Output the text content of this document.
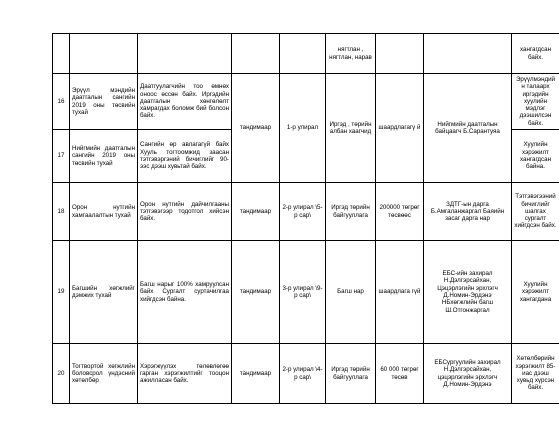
					нягтлан , нягтлан, нарав			хангагдсан байх.
16	Эрүүл мэндийн даатгалын сангийн 2019 оны төсвийн тухай	Даатгуулагчийн тоо өмнөх оноос өссөн байх. Иргэдийн даатгалын хөнгөлөлт хамрагдах боломж бий болсон байх.	тандимаар	1-р улирал	Иргэд , төрийн албан хаагчид	шаардлагагү й	Нийгмийн даатгалын байцаагч Б.Сарантуяа	Эрүүлмэндий н талаарх иргэдийн хуулийн мэдлэг дээшилсэн байх.
17	Нийгмийн даатгалын сангийн 2019 оны төсвийн тухай	Сангийн өр авлагагүй байх Хууль тогтоомжид заасан тэтгэвэргэний бичиглийг 90-ээс дээш хувьтай байх.						Хуулийн хэрэжилт хангагдсан байна.
18	Орон нутгийн хамгаалалтын тухай	Орон нутгийн дайчилгааны тэтгэвэгээр тодотгол хийсэн байх.	тандимаар	2-р улирал \5-р сар\	Иргэд төрийн байгууллага	200000 төгрөг төсвөөс	ЗДТГ-ын дарга Б.Амгаланжаргал Баяийн засаг дарга нар	Тэтгэвэгээний бичиглийг шалгах сургалт хийгдсэн байх.
19	Багшийн хөгжлийг дэмжих тухай	Багш нарыг 100% хамруулсан байх Сургалт суртачилгаа хийгдсэн байна.	тандимаар	3-р улирал \9-р сар\	Багш нар	шаардлага гүй	ЕБС-ийн захирал Н.Дэлгэрсайхан, Цэцэрлэгийн эрхлэгч Д.Номин-Эрдэнэ НБхөгжлийн багш Ш.Отгонжаргал	Хуулийн хэрэжилт хангагдана
20	Тогтвортой хөгжлийн боловсрол үндэсний хөтөлбөр	Хэрэгжүүлэх төлөвлөгөө гарган хэрэгжилтийг тооцон ажилласан байх.	тандимаар	2-р улирал \4-р сар\	Иргэд төрийн байгууллага	60 000 төгрөг төсөв	ЕБСургуулийн захирал Н.Дэлгэрсайхан, цэцэрлэгийн эрхлэгч Д.Номин-Эрдэнэ	Хөтөлбөрийн хэрэгжилт 85-иас дээш хувьд хүрсэн байх.
